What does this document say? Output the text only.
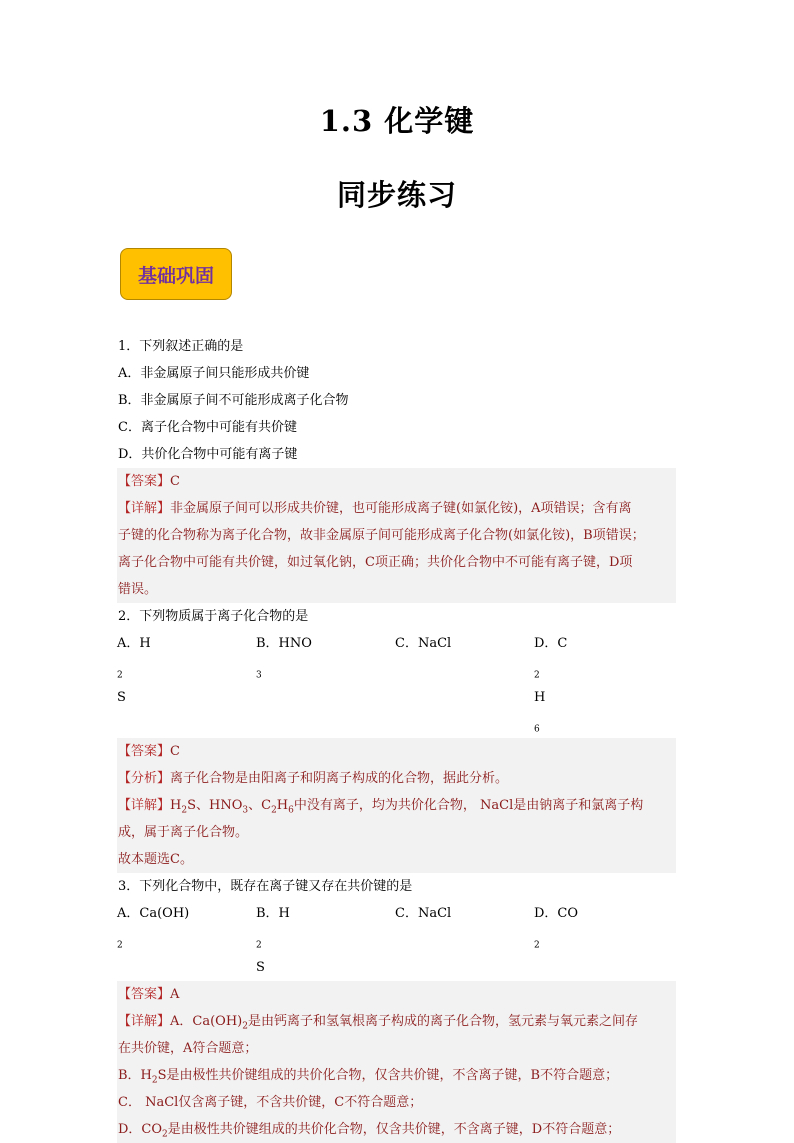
1.3 化学键
同步练习
基础巩固
1．下列叙述正确的是
A．非金属原子间只能形成共价键
B．非金属原子间不可能形成离子化合物
C．离子化合物中可能有共价键
D．共价化合物中可能有离子键
【答案】C
【详解】非金属原子间可以形成共价键，也可能形成离子键(如氯化铵)，A项错误；含有离
子键的化合物称为离子化合物，故非金属原子间可能形成离子化合物(如氯化铵)，B项错误；
离子化合物中可能有共价键，如过氧化钠，C项正确；共价化合物中不可能有离子键，D项
错误。
2．下列物质属于离子化合物的是
A．$H_2S$
B．$HNO_3$
C．NaCl	D．$C_2H_6$
【答案】C
【分析】离子化合物是由阳离子和阴离子构成的化合物，据此分析。
【详解】$H_2S$、$HNO_3$、$C_2H_6$中没有离子，均为共价化合物， NaCl是由钠离子和氯离子构
成，属于离子化合物。
故本题选C。
3．下列化合物中，既存在离子键又存在共价键的是
A．$Ca(OH)_2$
B．$H_2S$
C．NaCl	D．$CO_2$
【答案】A
【详解】A．$Ca(OH)_2$是由钙离子和氢氧根离子构成的离子化合物，氢元素与氧元素之间存
在共价键，A符合题意；
B．$H_2S$是由极性共价键组成的共价化合物，仅含共价键，不含离子键，B不符合题意；
C． NaCl仅含离子键，不含共价键，C不符合题意；
D．$CO_2$是由极性共价键组成的共价化合物，仅含共价键，不含离子键，D不符合题意；
